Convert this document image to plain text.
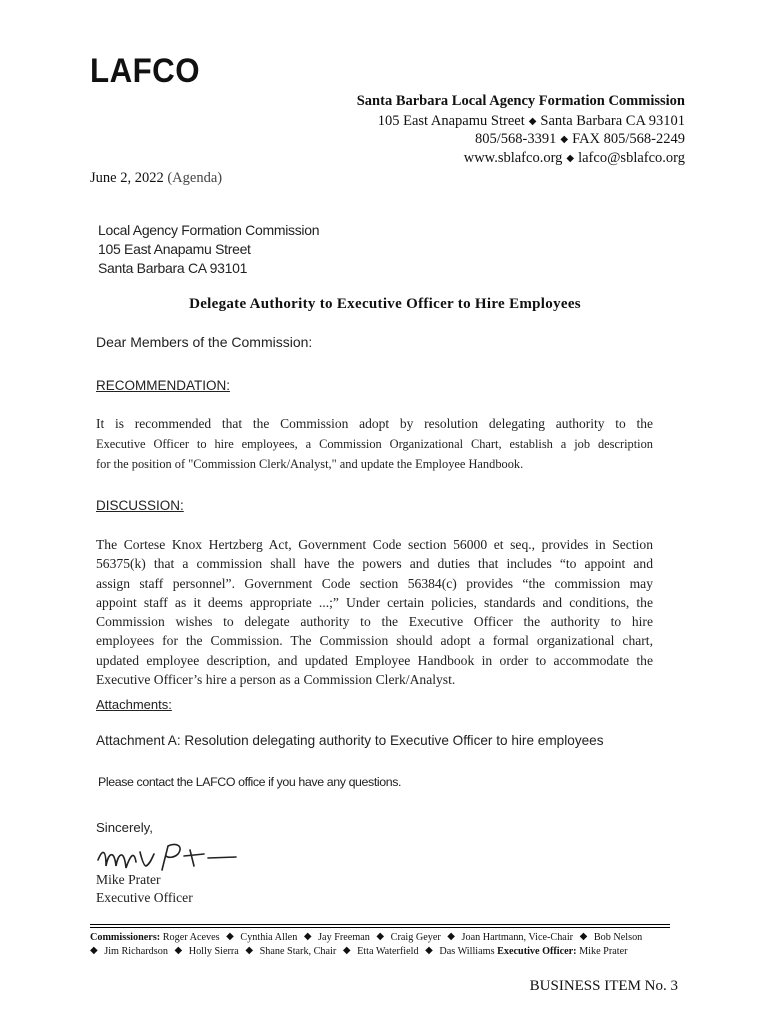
LAFCO
Santa Barbara Local Agency Formation Commission
105 East Anapamu Street ◆ Santa Barbara CA 93101
805/568-3391 ◆ FAX 805/568-2249
www.sblafco.org ◆ lafco@sblafco.org
June 2, 2022 (Agenda)
Local Agency Formation Commission
105 East Anapamu Street
Santa Barbara CA 93101
Delegate Authority to Executive Officer to Hire Employees
Dear Members of the Commission:
RECOMMENDATION:
It is recommended that the Commission adopt by resolution delegating authority to the
Executive Officer to hire employees, a Commission Organizational Chart, establish a job description
for the position of "Commission Clerk/Analyst," and update the Employee Handbook.
DISCUSSION:
The Cortese Knox Hertzberg Act, Government Code section 56000 et seq., provides in Section
56375(k) that a commission shall have the powers and duties that includes “to appoint and
assign staff personnel”. Government Code section 56384(c) provides “the commission may
appoint staff as it deems appropriate ...;” Under certain policies, standards and conditions, the
Commission wishes to delegate authority to the Executive Officer the authority to hire
employees for the Commission. The Commission should adopt a formal organizational chart,
updated employee description, and updated Employee Handbook in order to accommodate the
Executive Officer’s hire a person as a Commission Clerk/Analyst.
Attachments:
Attachment A: Resolution delegating authority to Executive Officer to hire employees
Please contact the LAFCO office if you have any questions.
Sincerely,
Mike Prater
Executive Officer
Commissioners: Roger Aceves ◆ Cynthia Allen ◆ Jay Freeman ◆ Craig Geyer ◆ Joan Hartmann, Vice-Chair ◆ Bob Nelson
◆ Jim Richardson ◆ Holly Sierra ◆ Shane Stark, Chair ◆ Etta Waterfield ◆ Das Williams Executive Officer: Mike Prater
BUSINESS ITEM No. 3
